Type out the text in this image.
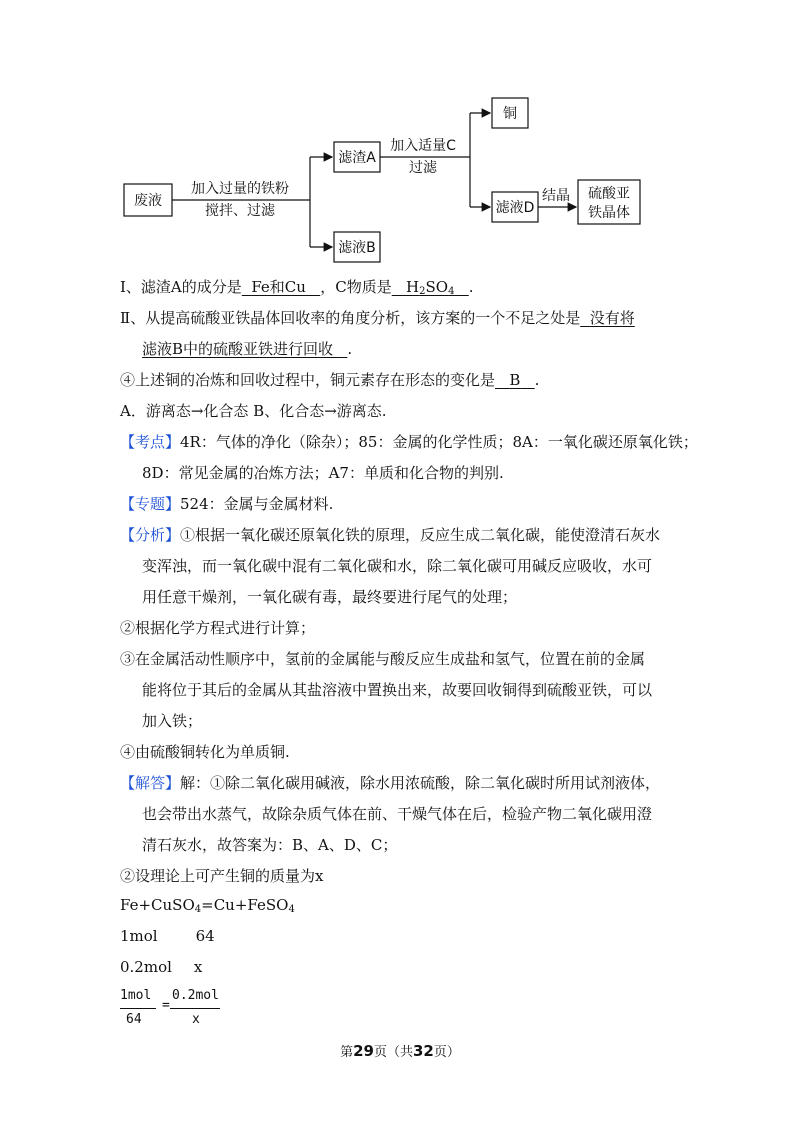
废液
加入过量的铁粉
搅拌、过滤
滤渣A
加入适量C
过滤
铜
滤液D
结晶 硫酸亚
铁晶体
滤液B
Ⅰ、滤渣A的成分是 Fe和Cu ，C物质是 $H_2SO_4$ .
Ⅱ、从提高硫酸亚铁晶体回收率的角度分析，该方案的一个不足之处是 没有将
滤液B中的硫酸亚铁进行回收 .
④上述铜的冶炼和回收过程中，铜元素存在形态的变化是 B .
A．游离态→化合态 B、化合态→游离态.
【考点】4R：气体的净化（除杂）；85：金属的化学性质；8A：一氧化碳还原氧化铁；
8D：常见金属的冶炼方法；A7：单质和化合物的判别.
【专题】524：金属与金属材料.
【分析】①根据一氧化碳还原氧化铁的原理，反应生成二氧化碳，能使澄清石灰水
变浑浊，而一氧化碳中混有二氧化碳和水，除二氧化碳可用碱反应吸收，水可
用任意干燥剂，一氧化碳有毒，最终要进行尾气的处理；
②根据化学方程式进行计算；
③在金属活动性顺序中，氢前的金属能与酸反应生成盐和氢气，位置在前的金属
能将位于其后的金属从其盐溶液中置换出来，故要回收铜得到硫酸亚铁，可以
加入铁；
④由硫酸铜转化为单质铜.
【解答】解：①除二氧化碳用碱液，除水用浓硫酸，除二氧化碳时所用试剂液体，
也会带出水蒸气，故除杂质气体在前、干燥气体在后，检验产物二氧化碳用澄
清石灰水，故答案为：B、A、D、C；
②设理论上可产生铜的质量为x
Fe+CuSO$_4$=Cu+FeSO$_4$
1mol	64
0.2mol x
1mol
64
=
0.2mol
x
第29页（共32页）
